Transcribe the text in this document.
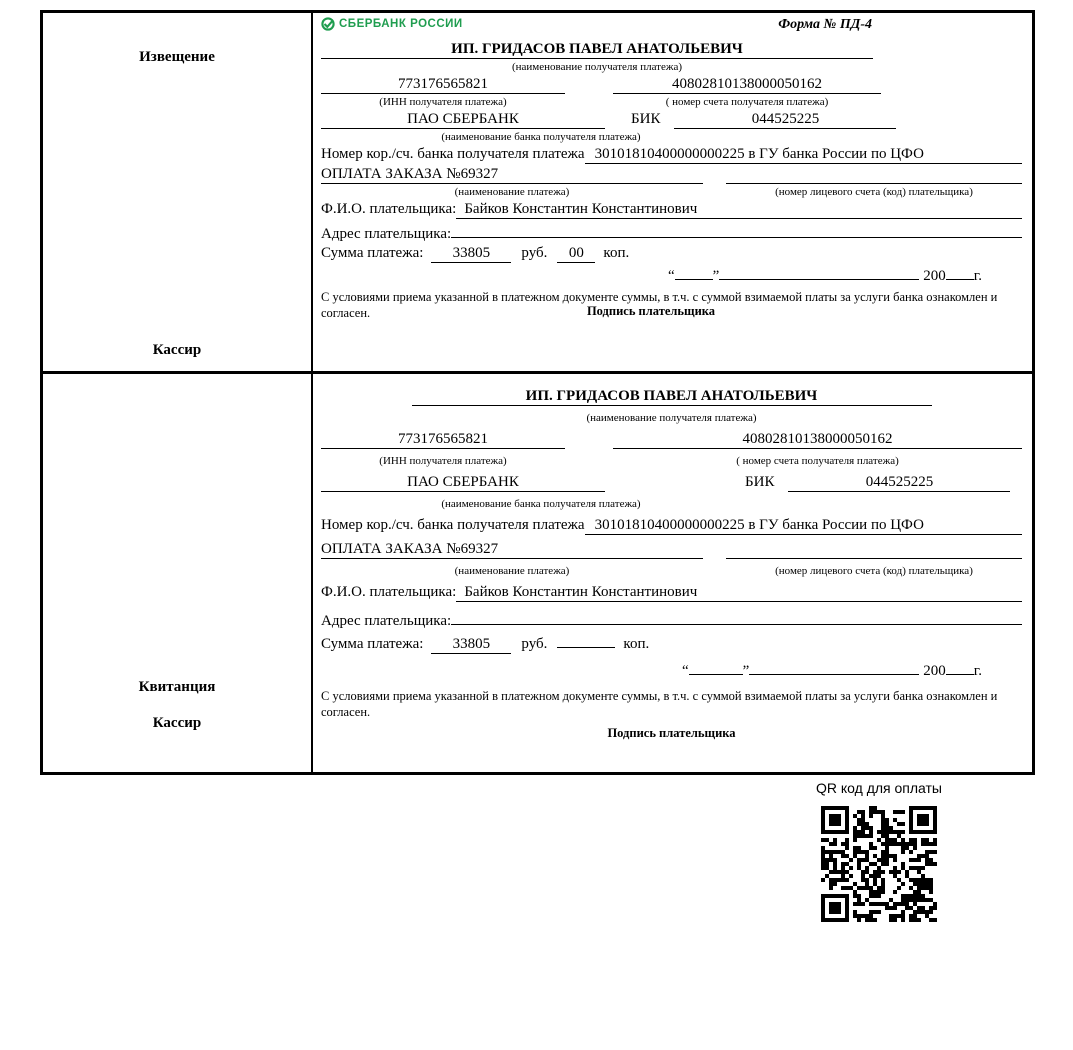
Извещение
Кассир
СБЕРБАНК РОССИИ	Форма № ПД-4
ИП. ГРИДАСОВ ПАВЕЛ АНАТОЛЬЕВИЧ
(наименование получателя платежа)
773176565821	40802810138000050162
(ИНН получателя платежа)	( номер счета получателя платежа)
ПАО СБЕРБАНК	БИК	044525225
(наименование банка получателя платежа)
Номер кор./сч. банка получателя платежа 30101810400000000225 в ГУ банка России по ЦФО
ОПЛАТА ЗАКАЗА №69327
(наименование платежа)	(номер лицевого счета (код) плательщика)
Ф.И.О. плательщика: Байков Константин Константинович
Адрес плательщика:
Сумма платежа:	33805	руб.	00	коп.
“	”	200 г.

С условиями приема указанной в платежном документе суммы, в т.ч. с суммой взимаемой платы за услуги банка ознакомлен и согласен.	Подпись плательщика
Квитанция
Кассир
ИП. ГРИДАСОВ ПАВЕЛ АНАТОЛЬЕВИЧ
(наименование получателя платежа)
773176565821	40802810138000050162
(ИНН получателя платежа)	( номер счета получателя платежа)
ПАО СБЕРБАНК	БИК	044525225
(наименование банка получателя платежа)
Номер кор./сч. банка получателя платежа 30101810400000000225 в ГУ банка России по ЦФО
ОПЛАТА ЗАКАЗА №69327
(наименование платежа)	(номер лицевого счета (код) плательщика)
Ф.И.О. плательщика: Байков Константин Константинович
Адрес плательщика:
Сумма платежа:	33805	руб.	коп.
“	”	200 г.

С условиями приема указанной в платежном документе суммы, в т.ч. с суммой взимаемой платы за услуги банка ознакомлен и согласен.

Подпись плательщика
QR код для оплаты
